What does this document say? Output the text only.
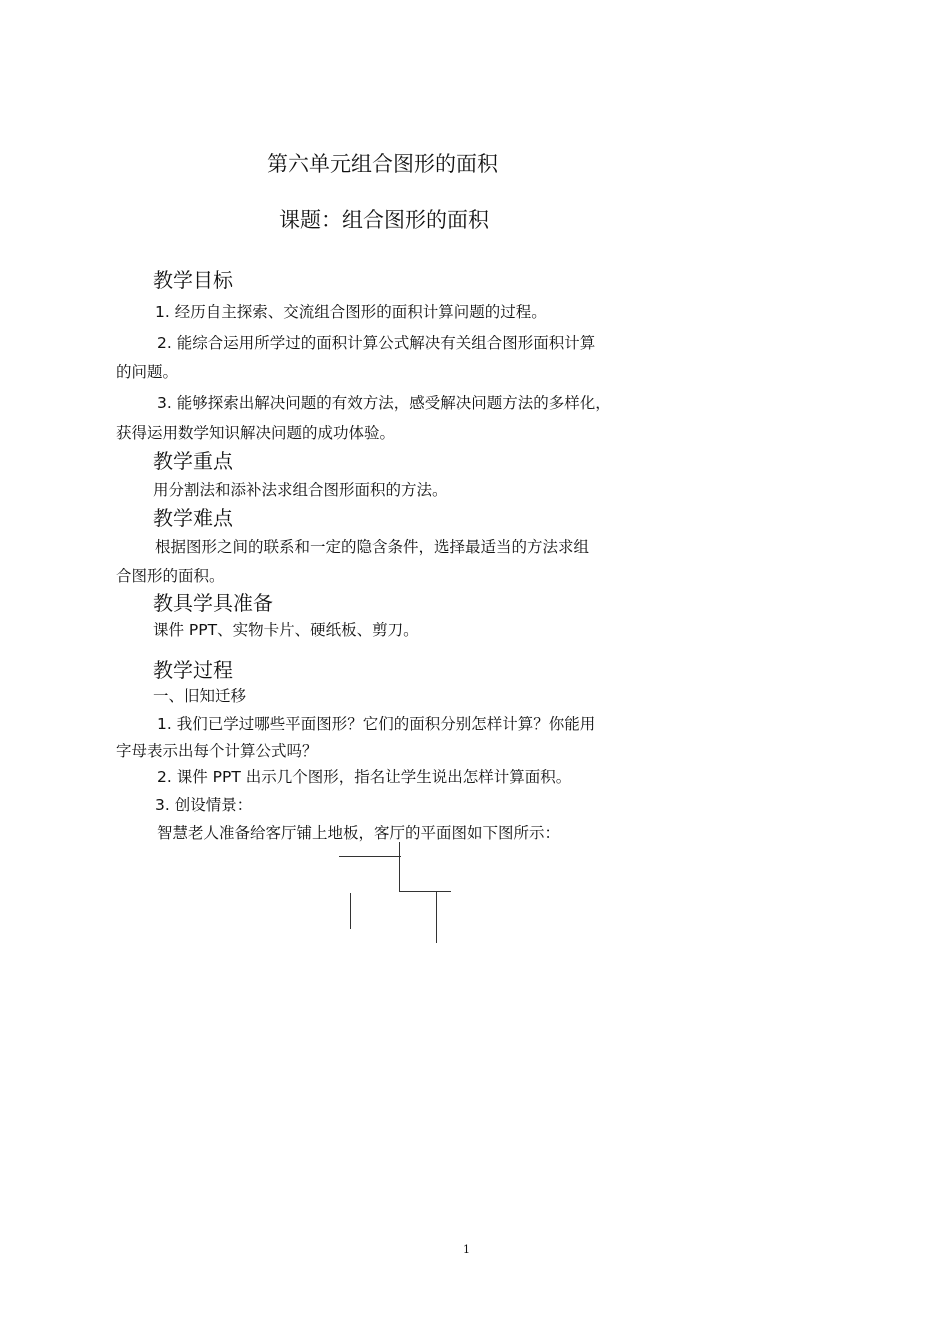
第六单元组合图形的面积
课题：组合图形的面积
教学目标
1. 经历自主探索、交流组合图形的面积计算问题的过程。
2. 能综合运用所学过的面积计算公式解决有关组合图形面积计算
的问题。
3. 能够探索出解决问题的有效方法，感受解决问题方法的多样化，
获得运用数学知识解决问题的成功体验。
教学重点
用分割法和添补法求组合图形面积的方法。
教学难点
根据图形之间的联系和一定的隐含条件，选择最适当的方法求组
合图形的面积。
教具学具准备
课件 PPT、实物卡片、硬纸板、剪刀。
教学过程
一、旧知迁移
1. 我们已学过哪些平面图形？它们的面积分别怎样计算？你能用
字母表示出每个计算公式吗？
2. 课件 PPT 出示几个图形，指名让学生说出怎样计算面积。
3. 创设情景：
智慧老人准备给客厅铺上地板，客厅的平面图如下图所示：
1
